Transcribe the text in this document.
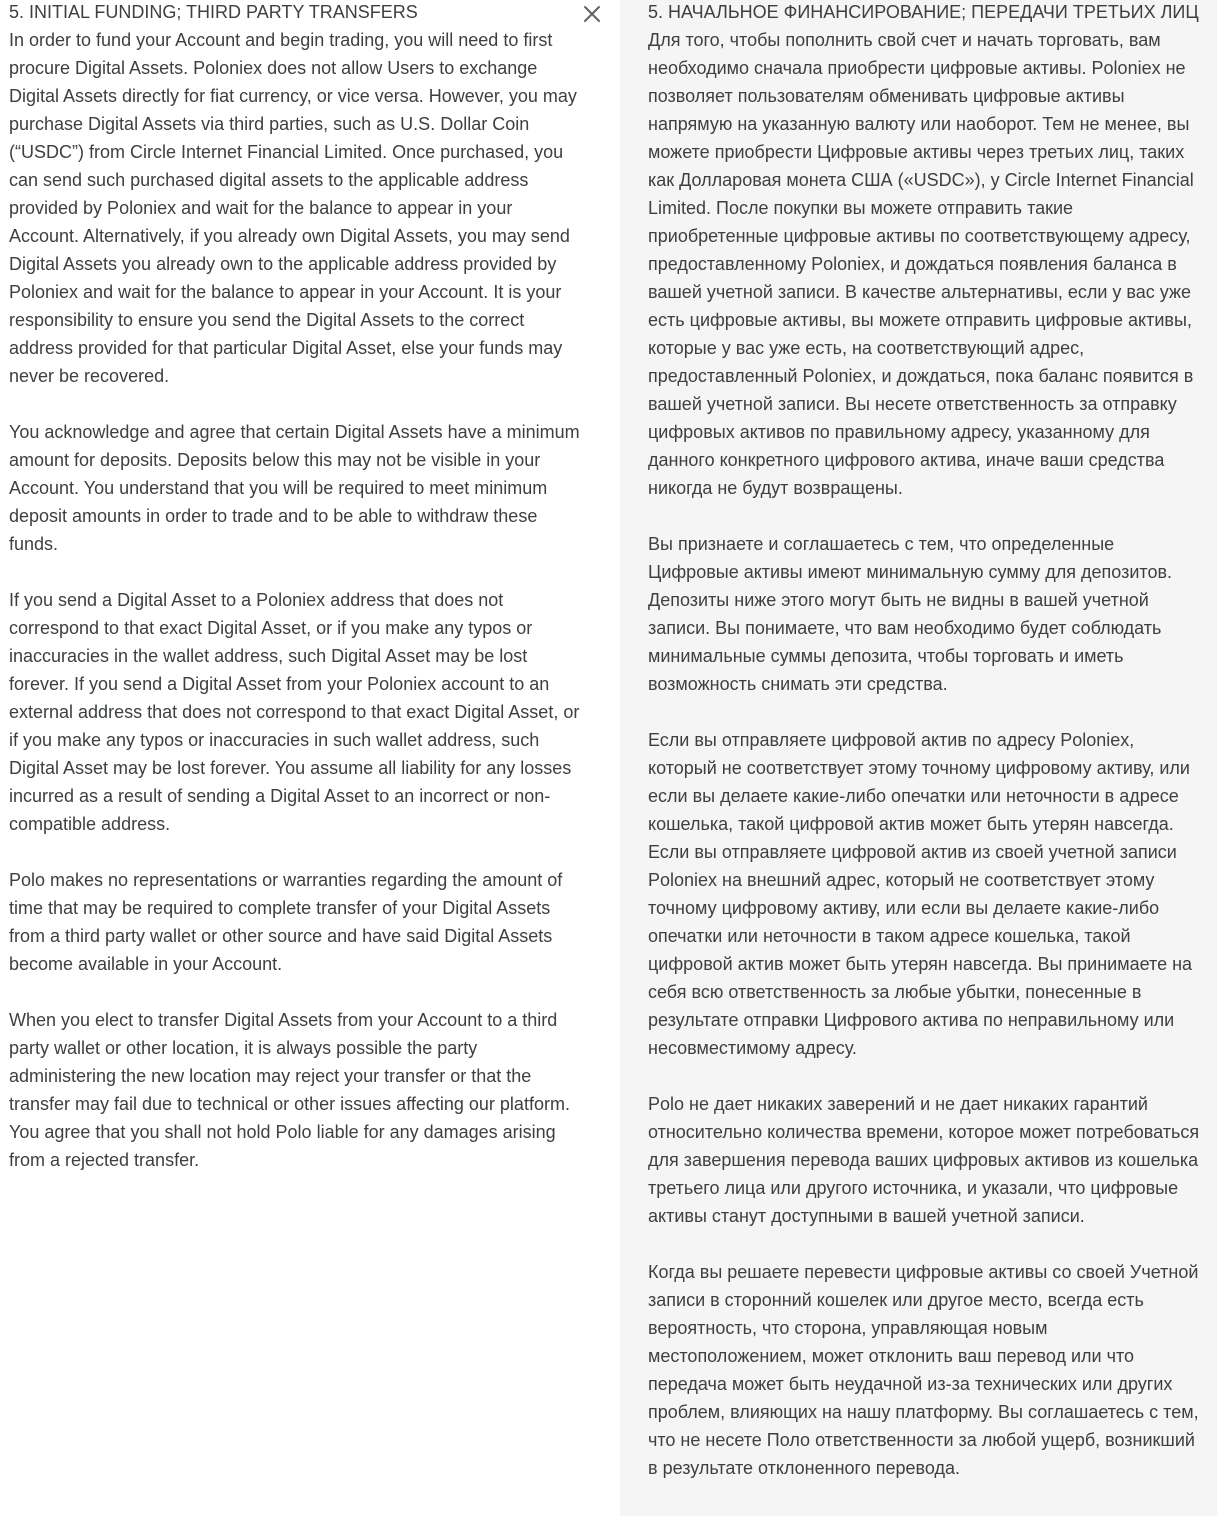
5. INITIAL FUNDING; THIRD PARTY TRANSFERS

In order to fund your Account and begin trading, you will need to first procure Digital Assets. Poloniex does not allow Users to exchange Digital Assets directly for fiat currency, or vice versa. However, you may purchase Digital Assets via third parties, such as U.S. Dollar Coin (“USDC”) from Circle Internet Financial Limited. Once purchased, you can send such purchased digital assets to the applicable address provided by Poloniex and wait for the balance to appear in your Account. Alternatively, if you already own Digital Assets, you may send Digital Assets you already own to the applicable address provided by Poloniex and wait for the balance to appear in your Account. It is your responsibility to ensure you send the Digital Assets to the correct address provided for that particular Digital Asset, else your funds may never be recovered.

You acknowledge and agree that certain Digital Assets have a minimum amount for deposits. Deposits below this may not be visible in your Account. You understand that you will be required to meet minimum deposit amounts in order to trade and to be able to withdraw these funds.

If you send a Digital Asset to a Poloniex address that does not correspond to that exact Digital Asset, or if you make any typos or inaccuracies in the wallet address, such Digital Asset may be lost forever. If you send a Digital Asset from your Poloniex account to an external address that does not correspond to that exact Digital Asset, or if you make any typos or inaccuracies in such wallet address, such Digital Asset may be lost forever. You assume all liability for any losses incurred as a result of sending a Digital Asset to an incorrect or non-compatible address.

Polo makes no representations or warranties regarding the amount of time that may be required to complete transfer of your Digital Assets from a third party wallet or other source and have said Digital Assets become available in your Account.

When you elect to transfer Digital Assets from your Account to a third party wallet or other location, it is always possible the party administering the new location may reject your transfer or that the transfer may fail due to technical or other issues affecting our platform. You agree that you shall not hold Polo liable for any damages arising from a rejected transfer.

5. НАЧАЛЬНОЕ ФИНАНСИРОВАНИЕ; ПЕРЕДАЧИ ТРЕТЬИХ ЛИЦ

Для того, чтобы пополнить свой счет и начать торговать, вам необходимо сначала приобрести цифровые активы. Poloniex не позволяет пользователям обменивать цифровые активы напрямую на указанную валюту или наоборот. Тем не менее, вы можете приобрести Цифровые активы через третьих лиц, таких как Долларовая монета США («USDC»), у Circle Internet Financial Limited. После покупки вы можете отправить такие приобретенные цифровые активы по соответствующему адресу, предоставленному Poloniex, и дождаться появления баланса в вашей учетной записи. В качестве альтернативы, если у вас уже есть цифровые активы, вы можете отправить цифровые активы, которые у вас уже есть, на соответствующий адрес, предоставленный Poloniex, и дождаться, пока баланс появится в вашей учетной записи. Вы несете ответственность за отправку цифровых активов по правильному адресу, указанному для данного конкретного цифрового актива, иначе ваши средства никогда не будут возвращены.

Вы признаете и соглашаетесь с тем, что определенные Цифровые активы имеют минимальную сумму для депозитов. Депозиты ниже этого могут быть не видны в вашей учетной записи. Вы понимаете, что вам необходимо будет соблюдать минимальные суммы депозита, чтобы торговать и иметь возможность снимать эти средства.

Если вы отправляете цифровой актив по адресу Poloniex, который не соответствует этому точному цифровому активу, или если вы делаете какие-либо опечатки или неточности в адресе кошелька, такой цифровой актив может быть утерян навсегда. Если вы отправляете цифровой актив из своей учетной записи Poloniex на внешний адрес, который не соответствует этому точному цифровому активу, или если вы делаете какие-либо опечатки или неточности в таком адресе кошелька, такой цифровой актив может быть утерян навсегда. Вы принимаете на себя всю ответственность за любые убытки, понесенные в результате отправки Цифрового актива по неправильному или несовместимому адресу.

Polo не дает никаких заверений и не дает никаких гарантий относительно количества времени, которое может потребоваться для завершения перевода ваших цифровых активов из кошелька третьего лица или другого источника, и указали, что цифровые активы станут доступными в вашей учетной записи.

Когда вы решаете перевести цифровые активы со своей Учетной записи в сторонний кошелек или другое место, всегда есть вероятность, что сторона, управляющая новым местоположением, может отклонить ваш перевод или что передача может быть неудачной из-за технических или других проблем, влияющих на нашу платформу. Вы соглашаетесь с тем, что не несете Поло ответственности за любой ущерб, возникший в результате отклоненного перевода.
